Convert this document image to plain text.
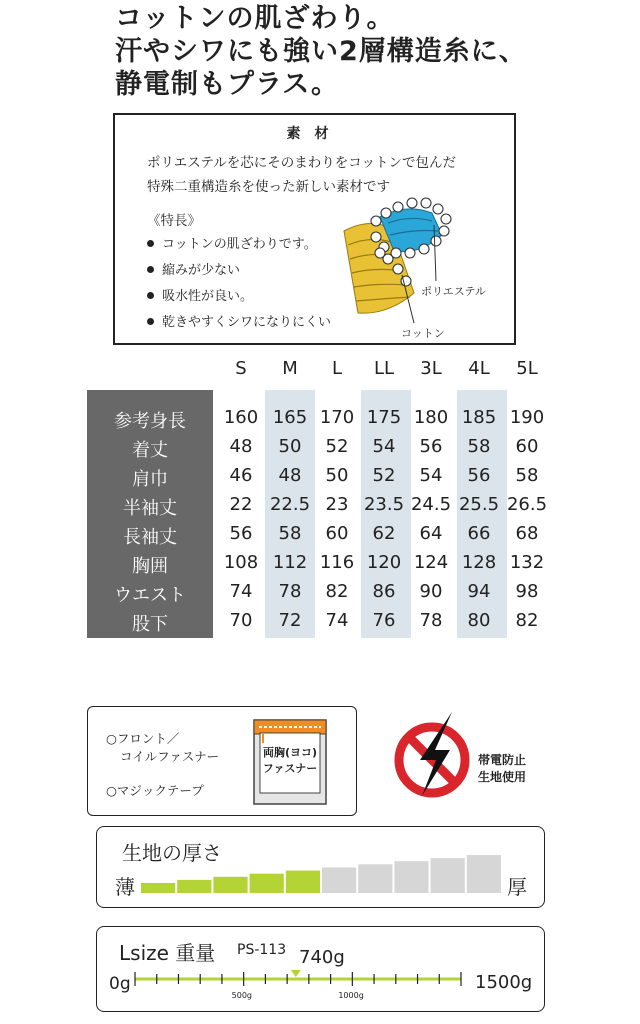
コットンの肌ざわり。
汗やシワにも強い2層構造糸に、
静電制もプラス。
素材
ポリエステルを芯にそのまわりをコットンで包んだ
特殊二重構造糸を使った新しい素材です
《特長》
コットンの肌ざわりです。
縮みが少ない
吸水性が良い。
乾きやすくシワになりにくい
ポリエステル
コットン
S	M	L	LL	3L	4L	5L
参考身長	160 165 170 175 180 185 190
着丈	48	50	52	54	56	58	60
肩巾	46	48	50	52	54	56	58
半袖丈	22 22.5 23 23.5 24.5 25.5 26.5
長袖丈	56	58	60	62	64	66	68
胸囲	108 112 116 120 124 128 132
ウエスト	74	78	82	86	90	94	98
股下	70	72	74	76	78	80	82
○フロント／
コイルファスナー
○マジックテープ
両胸(ヨコ)
ファスナー
帯電防止
生地使用
生地の厚さ
薄	厚
Lsize 重量 PS-113 740g
0g	1500g
500g	1000g
